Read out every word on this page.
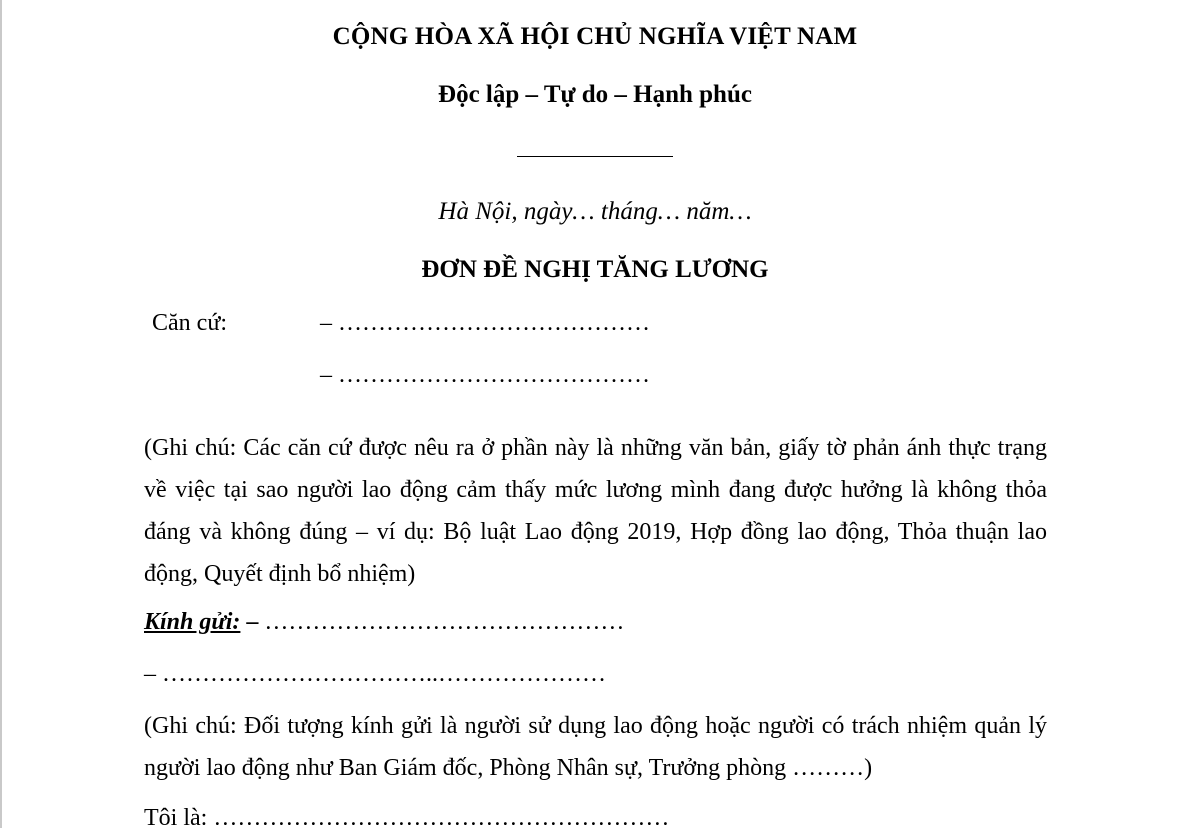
CỘNG HÒA XÃ HỘI CHỦ NGHĨA VIỆT NAM
Độc lập – Tự do – Hạnh phúc
Hà Nội, ngày… tháng… năm…
ĐƠN ĐỀ NGHỊ TĂNG LƯƠNG
Căn cứ:	– …………………………………
– …………………………………
(Ghi chú: Các căn cứ được nêu ra ở phần này là những văn bản, giấy tờ phản ánh thực trạng về việc tại sao người lao động cảm thấy mức lương mình đang được hưởng là không thỏa đáng và không đúng – ví dụ: Bộ luật Lao động 2019, Hợp đồng lao động, Thỏa thuận lao động, Quyết định bổ nhiệm)
Kính gửi: – ………………………………………
– ……………………………..…………………
(Ghi chú: Đối tượng kính gửi là người sử dụng lao động hoặc người có trách nhiệm quản lý người lao động như Ban Giám đốc, Phòng Nhân sự, Trưởng phòng ………)
Tôi là: …………………………………………………
